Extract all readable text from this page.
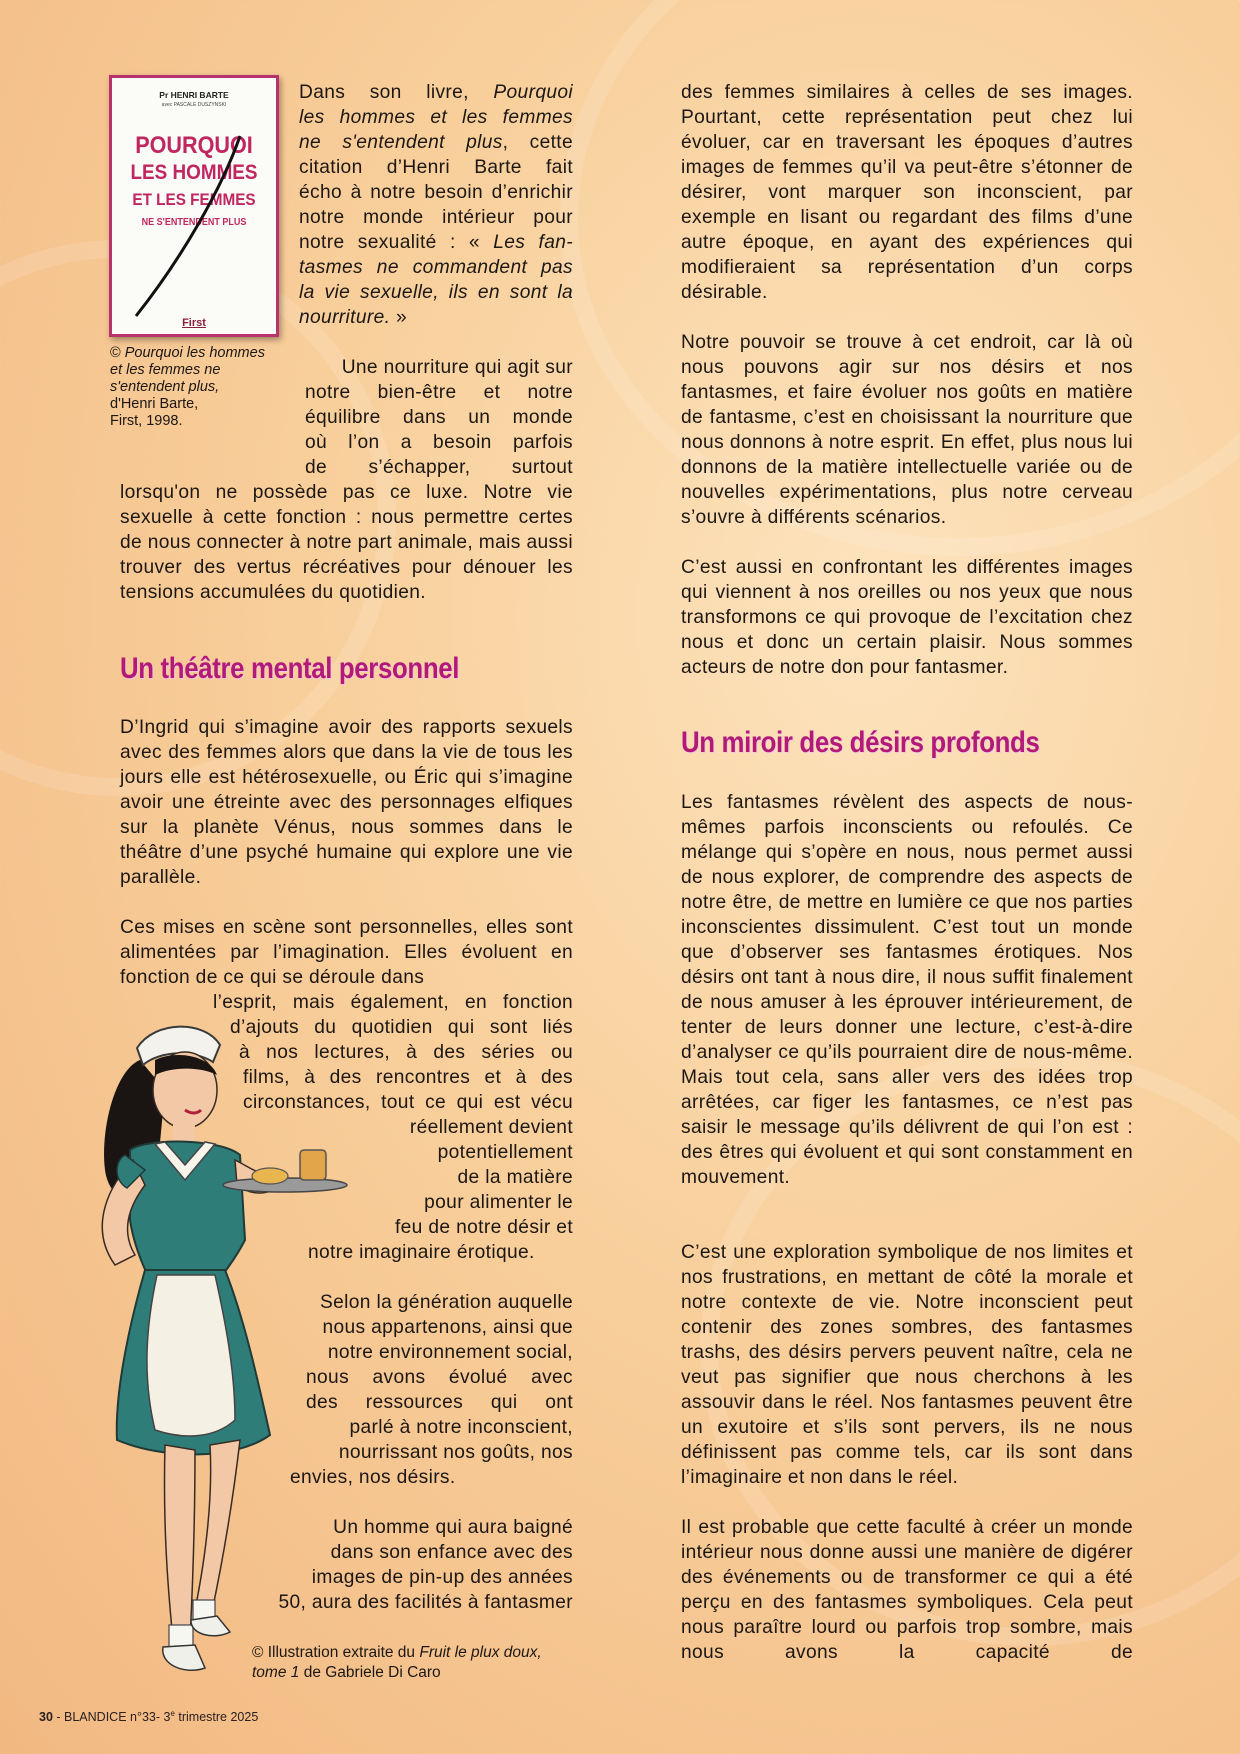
Pr HENRI BARTE
avec PASCALE DUSZYNSKI
POURQUOI
LES HOMMES
ET LES FEMMES
NE S'ENTENDENT PLUS
First
© Pourquoi les hommes
et les femmes ne
s'entendent plus,
d'Henri Barte,
First, 1998.

Dans son livre, Pourquoi

les hommes et les femmes

ne s'entendent plus, cette

citation d’Henri Barte fait

écho à notre besoin d’enrichir

notre monde intérieur pour

notre sexualité : « Les fan-

tasmes ne commandent pas

la vie sexuelle, ils en sont la

nourriture. »

Une nourriture qui agit sur

notre bien-être et notre

équilibre dans un monde

où l’on a besoin parfois

de s’échapper, surtout

lorsqu'on ne possède pas ce luxe. Notre vie sexuelle à cette fonction : nous permettre certes de nous connecter à notre part animale, mais aussi trouver des vertus récréatives pour dénouer les tensions accumulées du quotidien.

Un théâtre mental personnel

D’Ingrid qui s’imagine avoir des rapports sexuels avec des femmes alors que dans la vie de tous les jours elle est hétérosexuelle, ou Éric qui s’imagine avoir une étreinte avec des personnages elfiques sur la planète Vénus, nous sommes dans le théâtre d’une psyché humaine qui explore une vie parallèle.

Ces mises en scène sont personnelles, elles sont alimentées par l’imagination. Elles évoluent en fonction de ce qui se déroule dans

l’esprit, mais également, en fonction

d’ajouts du quotidien qui sont liés

à nos lectures, à des séries ou

films, à des rencontres et à des

circonstances, tout ce qui est vécu

réellement devient
potentiellement
de la matière
pour alimenter le
feu de notre désir et
notre imaginaire érotique.
Selon la génération auquelle
nous appartenons, ainsi que
notre environnement social,

nous avons évolué avec

des ressources qui ont

parlé à notre inconscient,
nourrissant nos goûts, nos
envies, nos désirs.
Un homme qui aura baigné
dans son enfance avec des
images de pin-up des années
50, aura des facilités à fantasmer
© Illustration extraite du Fruit le plux doux,
tome 1 de Gabriele Di Caro

des femmes similaires à celles de ses images. Pourtant, cette représentation peut chez lui évoluer, car en traversant les époques d’autres images de femmes qu’il va peut-être s’étonner de désirer, vont marquer son inconscient, par exemple en lisant ou regardant des films d’une autre époque, en ayant des expériences qui modifieraient sa représentation d’un corps désirable.

Notre pouvoir se trouve à cet endroit, car là où nous pouvons agir sur nos désirs et nos fantasmes, et faire évoluer nos goûts en matière de fantasme, c’est en choisissant la nourriture que nous donnons à notre esprit. En effet, plus nous lui donnons de la matière intellectuelle variée ou de nouvelles expérimentations, plus notre cerveau s’ouvre à différents scénarios.

C’est aussi en confrontant les différentes images qui viennent à nos oreilles ou nos yeux que nous transformons ce qui provoque de l’excitation chez nous et donc un certain plaisir. Nous sommes acteurs de notre don pour fantasmer.

Un miroir des désirs profonds

Les fantasmes révèlent des aspects de nous-mêmes parfois inconscients ou refoulés. Ce mélange qui s’opère en nous, nous permet aussi de nous explorer, de comprendre des aspects de notre être, de mettre en lumière ce que nos parties inconscientes dissimulent. C’est tout un monde que d’observer ses fantasmes érotiques. Nos désirs ont tant à nous dire, il nous suffit finalement de nous amuser à les éprouver intérieurement, de tenter de leurs donner une lecture, c’est-à-dire d’analyser ce qu’ils pourraient dire de nous-même. Mais tout cela, sans aller vers des idées trop arrêtées, car figer les fantasmes, ce n’est pas saisir le message qu’ils délivrent de qui l’on est : des êtres qui évoluent et qui sont constamment en mouvement.

C’est une exploration symbolique de nos limites et nos frustrations, en mettant de côté la morale et notre contexte de vie. Notre inconscient peut contenir des zones sombres, des fantasmes trashs, des désirs pervers peuvent naître, cela ne veut pas signifier que nous cherchons à les assouvir dans le réel. Nos fantasmes peuvent être un exutoire et s’ils sont pervers, ils ne nous définissent pas comme tels, car ils sont dans l’imaginaire et non dans le réel.

Il est probable que cette faculté à créer un monde intérieur nous donne aussi une manière de digérer des événements ou de transformer ce qui a été perçu en des fantasmes symboliques. Cela peut nous paraître lourd ou parfois trop sombre, mais nous avons la capacité de

30 - BLANDICE n°33- 3e trimestre 2025
